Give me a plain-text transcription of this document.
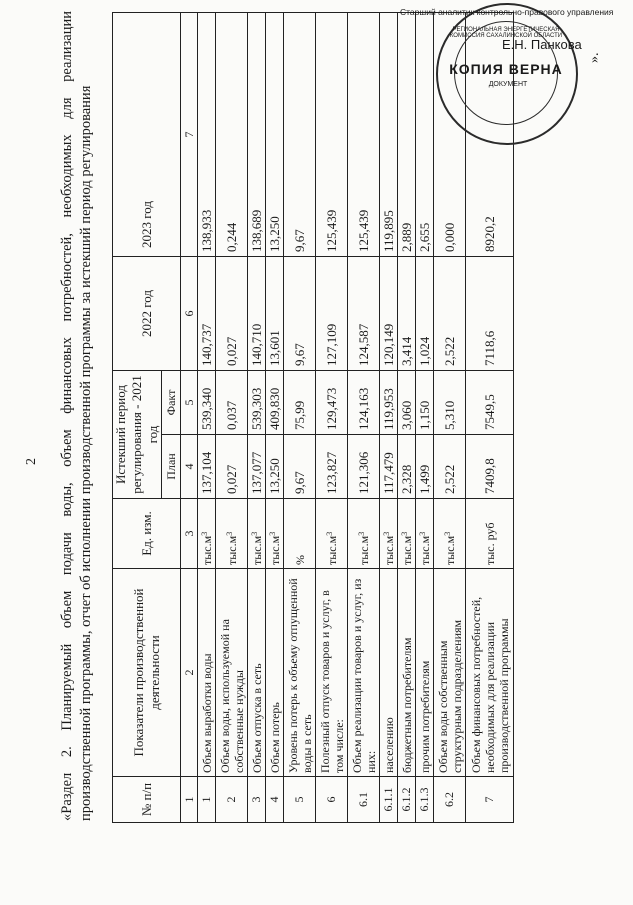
2 «Раздел 2. Планируемый объем подачи воды, объем финансовых потребностей, необходимых для реализации производственной программы, отчет об исполнении производственной программы за истекший период регулирования	№ п/п	Показатели производственной деятельности	Ед. изм.	Истекший период регулирования - 2021 год		2022 год	2023 год
			План	Факт		
1	2	3	4	5	6	7
1	Объем выработки воды	$тыс.м^3$	137,104	539,340	140,737	138,933
2	Объем воды, используемой на собственные нужды	$тыс.м^3$	0,027	0,037	0,027	0,244
3	Объем отпуска в сеть	$тыс.м^3$	137,077	539,303	140,710	138,689
4	Объем потерь	$тыс.м^3$	13,250	409,830	13,601	13,250
5	Уровень потерь к объему отпущенной воды в сеть	%	9,67	75,99	9,67	9,67
6	Полезный отпуск товаров и услуг, в том числе:	$тыс.м^3$	123,827	129,473	127,109	125,439
6.1	Объем реализации товаров и услуг, из них:	$тыс.м^3$	121,306	124,163	124,587	125,439
6.1.1	населению	$тыс.м^3$	117,479	119,953	120,149	119,895
6.1.2	бюджетным потребителям	$тыс.м^3$	2,328	3,060	3,414	2,889
6.1.3	прочим потребителям	$тыс.м^3$	1,499	1,150	1,024	2,655
6.2	Объем воды собственным структурным подразделениям	$тыс.м^3$	2,522	5,310	2,522	0,000
7	Объем финансовых потребностей, необходимых для реализации производственной программы	тыс. руб	7409,8	7549,5	7118,6	8920,2
».
РЕГИОНАЛЬНАЯ ЭНЕРГЕТИЧЕСКАЯ КОМИССИЯ САХАЛИНСКОЙ ОБЛАСТИ
КОПИЯ ВЕРНА
ДОКУМЕНТ
Старший аналитик контрольно-правового управления
Е.Н. Панкова
